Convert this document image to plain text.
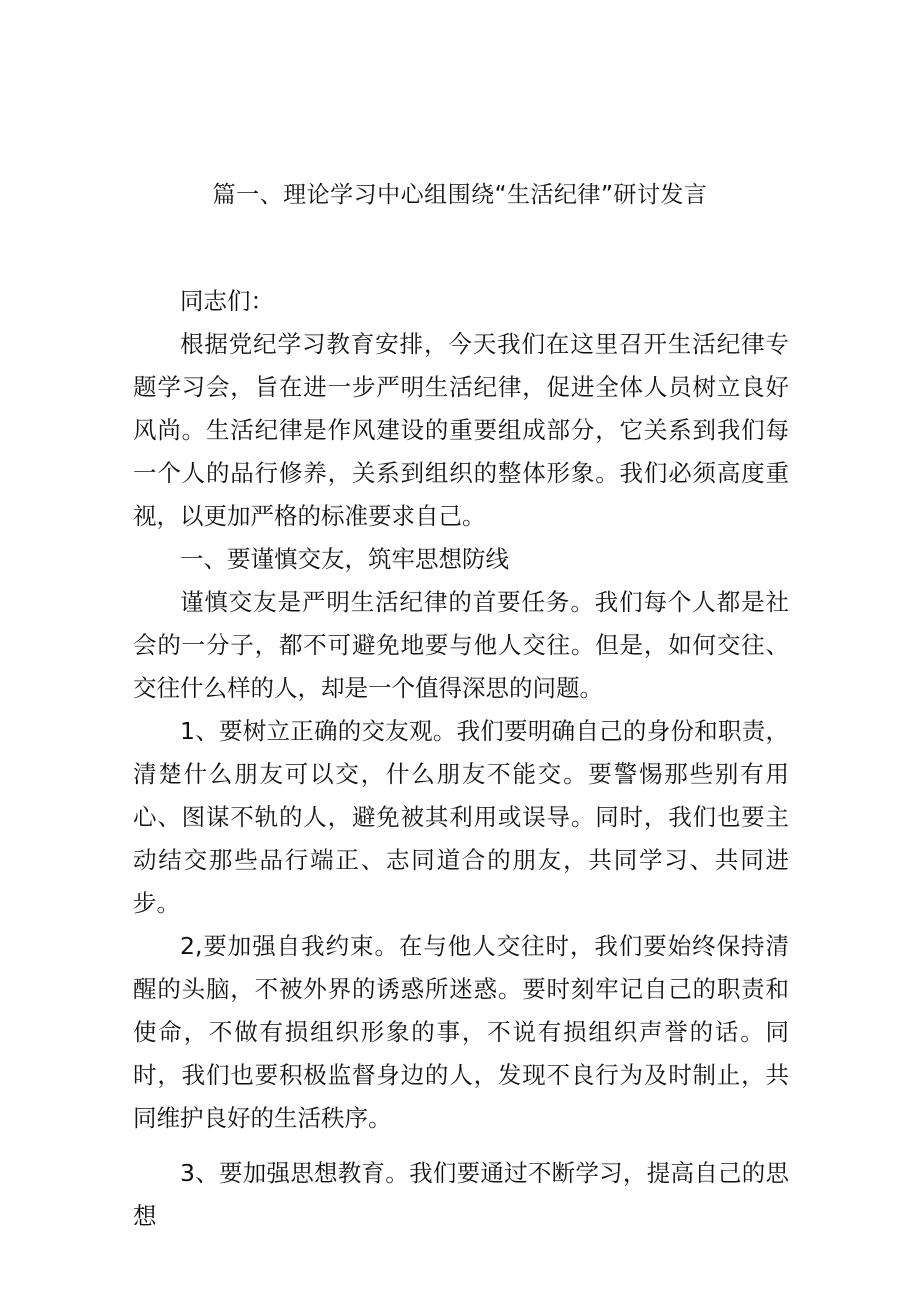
篇一、理论学习中心组围绕“生活纪律”研讨发言

同志们：

根据党纪学习教育安排，今天我们在这里召开生活纪律专题学习会，旨在进一步严明生活纪律，促进全体人员树立良好风尚。生活纪律是作风建设的重要组成部分，它关系到我们每一个人的品行修养，关系到组织的整体形象。我们必须高度重视，以更加严格的标准要求自己。

一、要谨慎交友，筑牢思想防线

谨慎交友是严明生活纪律的首要任务。我们每个人都是社会的一分子，都不可避免地要与他人交往。但是，如何交往、交往什么样的人，却是一个值得深思的问题。

1、要树立正确的交友观。我们要明确自己的身份和职责，清楚什么朋友可以交，什么朋友不能交。要警惕那些别有用心、图谋不轨的人，避免被其利用或误导。同时，我们也要主动结交那些品行端正、志同道合的朋友，共同学习、共同进步。

2,要加强自我约束。在与他人交往时，我们要始终保持清醒的头脑，不被外界的诱惑所迷惑。要时刻牢记自己的职责和使命，不做有损组织形象的事，不说有损组织声誉的话。同时，我们也要积极监督身边的人，发现不良行为及时制止，共同维护良好的生活秩序。

3、要加强思想教育。我们要通过不断学习，提高自己的思想
